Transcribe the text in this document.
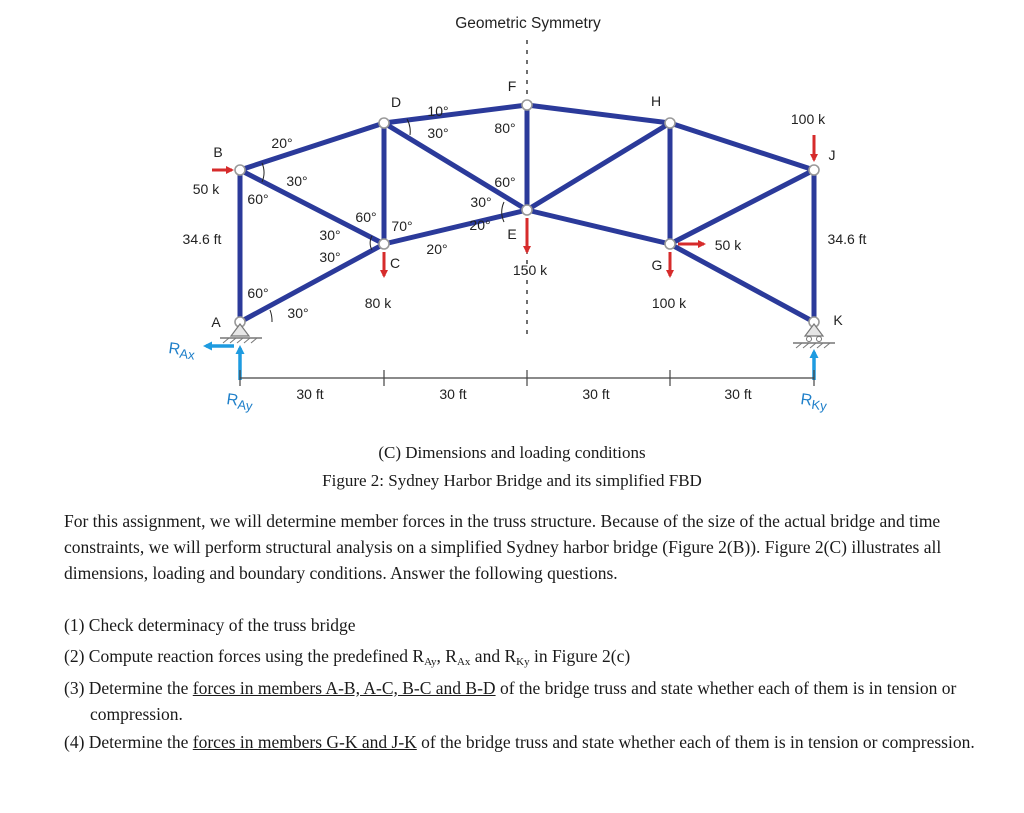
Geometric Symmetry
B
A
D
C
E
F
G
H
J
K
50 k
80 k
150 k
100 k
50 k
100 k
34.6 ft	34.6 ft
30 ft	30 ft	30 ft	30 ft
20°
30°
60°
60°
30°
60°
70°
30°
30°	20°
10°
30°	80°
60°
30°
20°
RAx
RAy	RKy
(C) Dimensions and loading conditions
Figure 2: Sydney Harbor Bridge and its simplified FBD
For this assignment, we will determine member forces in the truss structure. Because of the size of the actual bridge and time constraints, we will perform structural analysis on a simplified Sydney harbor bridge (Figure 2(B)). Figure 2(C) illustrates all dimensions, loading and boundary conditions. Answer the following questions.
(1) Check determinacy of the truss bridge
(2) Compute reaction forces using the predefined $R_{Ay}$, $R_{Ax}$ and $R_{Ky}$ in Figure 2(c)
(3) Determine the forces in members A-B, A-C, B-C and B-D of the bridge truss and state whether each of them is in tension or compression.
(4) Determine the forces in members G-K and J-K of the bridge truss and state whether each of them is in tension or compression.
